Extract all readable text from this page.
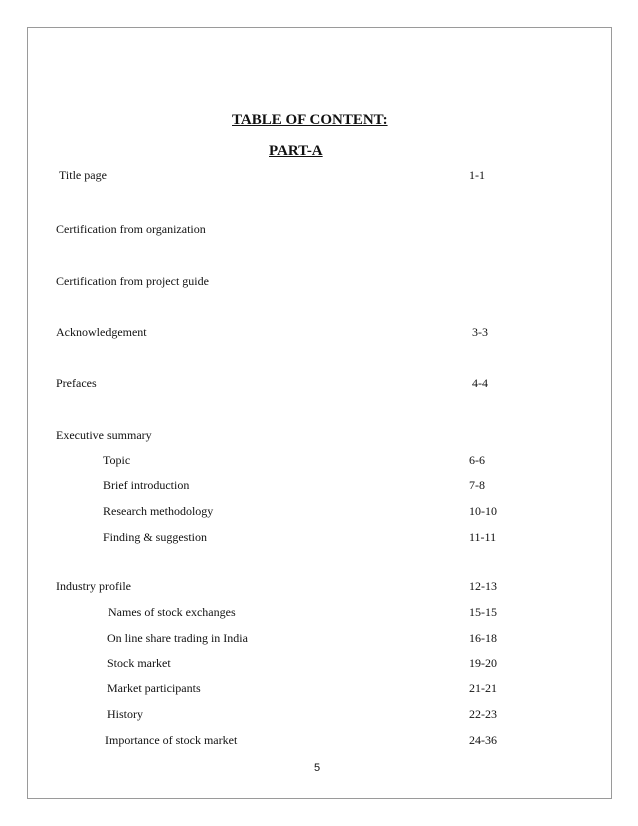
TABLE OF CONTENT:
PART-A
Title page	1-1
Certification from organization
Certification from project guide
Acknowledgement	3-3
Prefaces	4-4
Executive summary
Topic	6-6
Brief introduction	7-8
Research methodology	10-10
Finding & suggestion	11-11
Industry profile	12-13
Names of stock exchanges	15-15
On line share trading in India	16-18
Stock market	19-20
Market participants	21-21
History	22-23
Importance of stock market	24-36
5
